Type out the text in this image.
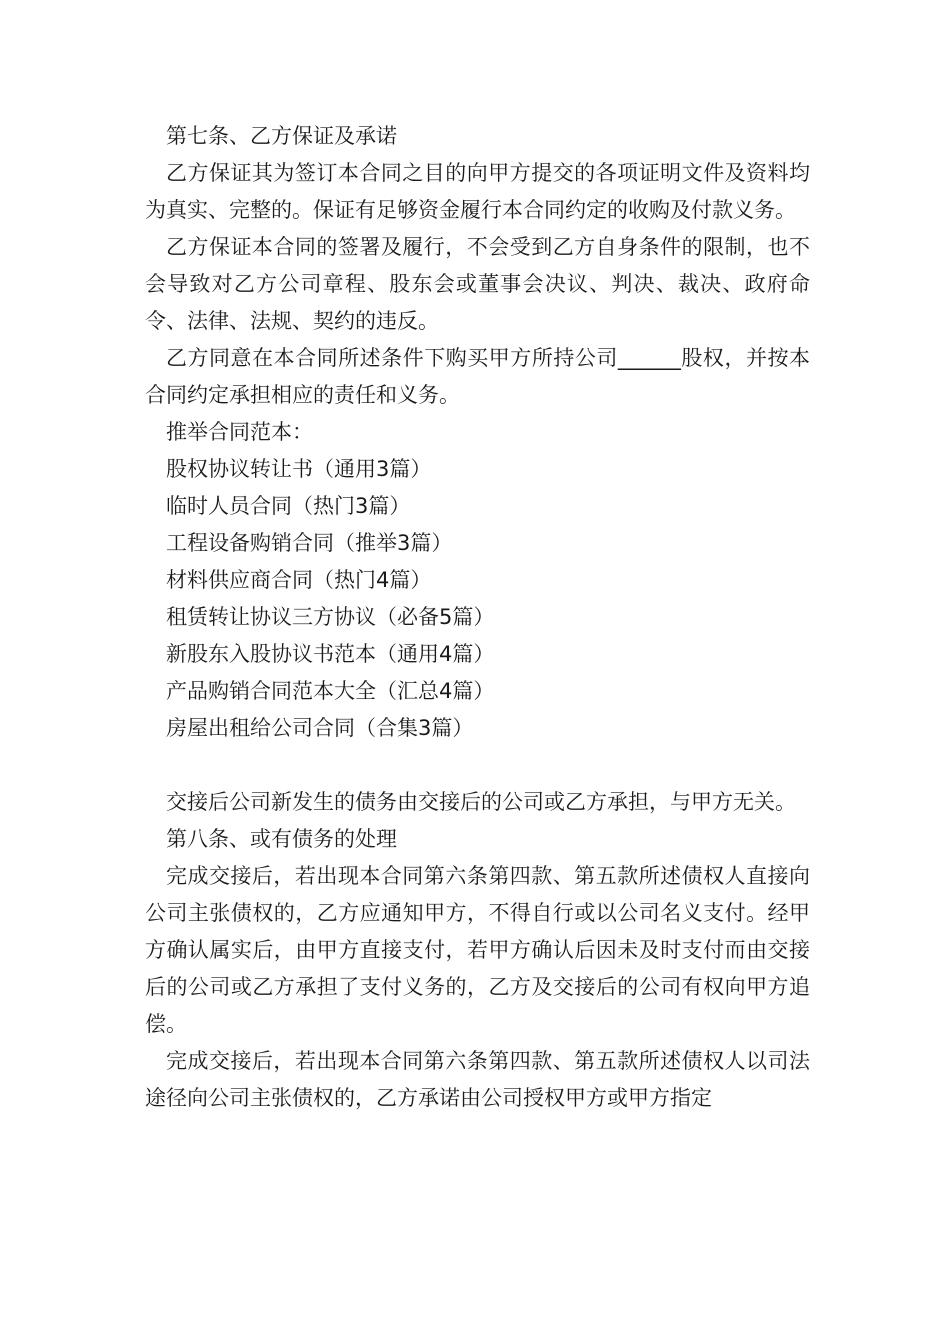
第七条、乙方保证及承诺

乙方保证其为签订本合同之目的向甲方提交的各项证明文件及资料均为真实、完整的。保证有足够资金履行本合同约定的收购及付款义务。

乙方保证本合同的签署及履行，不会受到乙方自身条件的限制，也不会导致对乙方公司章程、股东会或董事会决议、判决、裁决、政府命令、法律、法规、契约的违反。

乙方同意在本合同所述条件下购买甲方所持公司______股权，并按本合同约定承担相应的责任和义务。

推举合同范本：

股权协议转让书（通用3篇）
临时人员合同（热门3篇）
工程设备购销合同（推举3篇）
材料供应商合同（热门4篇）
租赁转让协议三方协议（必备5篇）
新股东入股协议书范本（通用4篇）
产品购销合同范本大全（汇总4篇）
房屋出租给公司合同（合集3篇）

交接后公司新发生的债务由交接后的公司或乙方承担，与甲方无关。

第八条、或有债务的处理

完成交接后，若出现本合同第六条第四款、第五款所述债权人直接向公司主张债权的，乙方应通知甲方，不得自行或以公司名义支付。经甲方确认属实后，由甲方直接支付，若甲方确认后因未及时支付而由交接后的公司或乙方承担了支付义务的，乙方及交接后的公司有权向甲方追偿。

完成交接后，若出现本合同第六条第四款、第五款所述债权人以司法途径向公司主张债权的，乙方承诺由公司授权甲方或甲方指定
